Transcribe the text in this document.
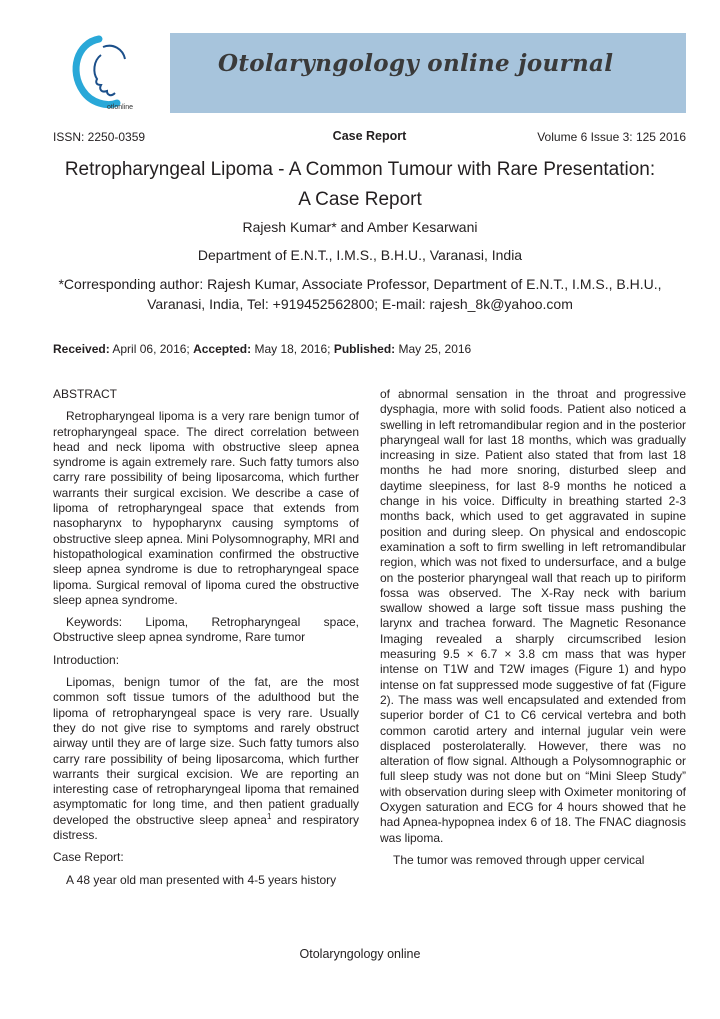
otlonline
Otolaryngology online journal
ISSN: 2250-0359	Case Report	Volume 6 Issue 3: 125 2016
Retropharyngeal Lipoma - A Common Tumour with Rare Presentation:
A Case Report
Rajesh Kumar* and Amber Kesarwani
Department of E.N.T., I.M.S., B.H.U., Varanasi, India
*Corresponding author: Rajesh Kumar, Associate Professor, Department of E.N.T., I.M.S., B.H.U., Varanasi, India, Tel: +919452562800; E-mail: rajesh_8k@yahoo.com
Received: April 06, 2016; Accepted: May 18, 2016; Published: May 25, 2016

ABSTRACT

Retropharyngeal lipoma is a very rare benign tumor of retropharyngeal space. The direct correlation between head and neck lipoma with obstructive sleep apnea syndrome is again extremely rare. Such fatty tumors also carry rare possibility of being liposarcoma, which further warrants their surgical excision. We describe a case of lipoma of retropharyngeal space that extends from nasopharynx to hypopharynx causing symptoms of obstructive sleep apnea. Mini Polysomnography, MRI and histopathological examination confirmed the obstructive sleep apnea syndrome is due to retropharyngeal space lipoma. Surgical removal of lipoma cured the obstructive sleep apnea syndrome.

Keywords: Lipoma, Retropharyngeal space, Obstructive sleep apnea syndrome, Rare tumor

Introduction:

Lipomas, benign tumor of the fat, are the most common soft tissue tumors of the adulthood but the lipoma of retropharyngeal space is very rare. Usually they do not give rise to symptoms and rarely obstruct airway until they are of large size. Such fatty tumors also carry rare possibility of being liposarcoma, which further warrants their surgical excision. We are reporting an interesting case of retropharyngeal lipoma that remained asymptomatic for long time, and then patient gradually developed the obstructive sleep apnea$^1$ and respiratory distress.

Case Report:

A 48 year old man presented with 4-5 years history

of abnormal sensation in the throat and progressive dysphagia, more with solid foods. Patient also noticed a swelling in left retromandibular region and in the posterior pharyngeal wall for last 18 months, which was gradually increasing in size. Patient also stated that from last 18 months he had more snoring, disturbed sleep and daytime sleepiness, for last 8-9 months he noticed a change in his voice. Difficulty in breathing started 2-3 months back, which used to get aggravated in supine position and during sleep. On physical and endoscopic examination a soft to firm swelling in left retromandibular region, which was not fixed to undersurface, and a bulge on the posterior pharyngeal wall that reach up to piriform fossa was observed. The X-Ray neck with barium swallow showed a large soft tissue mass pushing the larynx and trachea forward. The Magnetic Resonance Imaging revealed a sharply circumscribed lesion measuring 9.5 × 6.7 × 3.8 cm mass that was hyper intense on T1W and T2W images (Figure 1) and hypo intense on fat suppressed mode suggestive of fat (Figure 2). The mass was well encapsulated and extended from superior border of C1 to C6 cervical vertebra and both common carotid artery and internal jugular vein were displaced posterolaterally. However, there was no alteration of flow signal. Although a Polysomnographic or full sleep study was not done but on “Mini Sleep Study” with observation during sleep with Oximeter monitoring of Oxygen saturation and ECG for 4 hours showed that he had Apnea-hypopnea index 6 of 18. The FNAC diagnosis was lipoma.

The tumor was removed through upper cervical

Otolaryngology online
